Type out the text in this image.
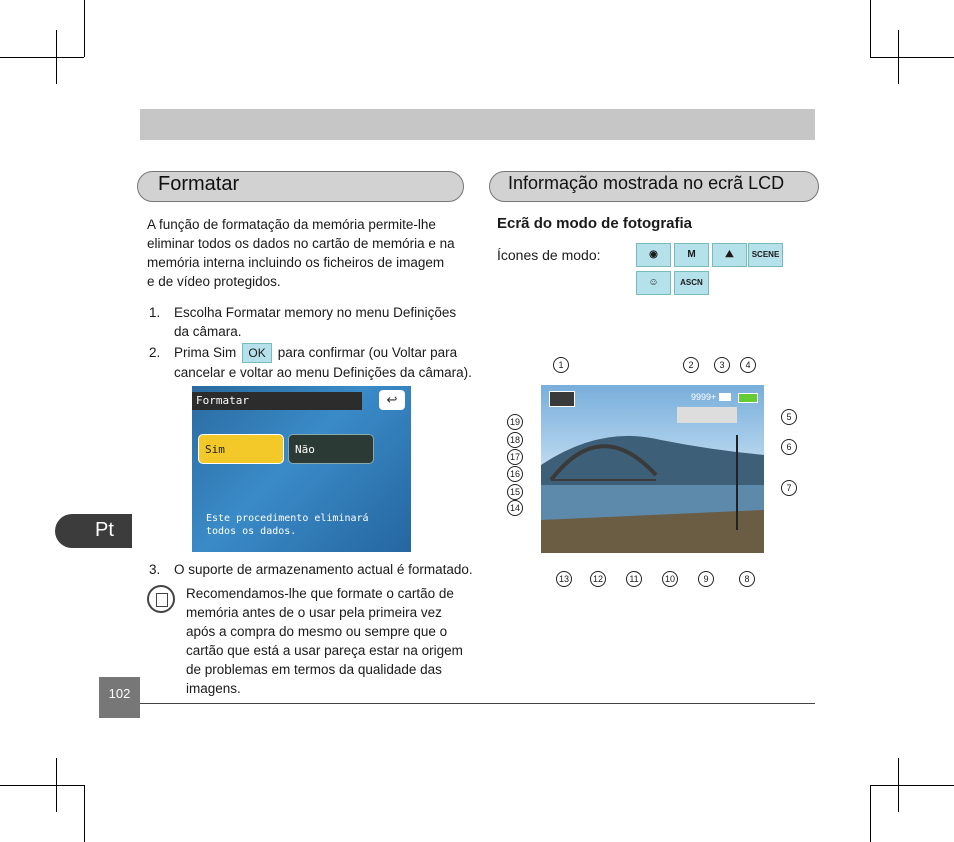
Formatar
A função de formatação da memória permite-lhe
eliminar todos os dados no cartão de memória e na
memória interna incluindo os ficheiros de imagem
e de vídeo protegidos.
1. Escolha Formatar memory no menu Definições
da câmara.
2. Prima Sim OK para confirmar (ou Voltar para
cancelar e voltar ao menu Definições da câmara).
Formatar	↩
Sim	Não
Este procedimento eliminará
todos os dados.
3. O suporte de armazenamento actual é formatado.
Recomendamos-lhe que formate o cartão de
memória antes de o usar pela primeira vez
após a compra do mesmo ou sempre que o
cartão que está a usar pareça estar na origem
de problemas em termos da qualidade das
imagens.
Pt
102
Informação mostrada no ecrã LCD
Ecrã do modo de fotografia
Ícones de modo:	◉	M	⛰	SCENE
☺	ASCN
9999+
1	2	3	4
5
6
7
19
18
17
16
15
14
13	12	11	10	9	8
